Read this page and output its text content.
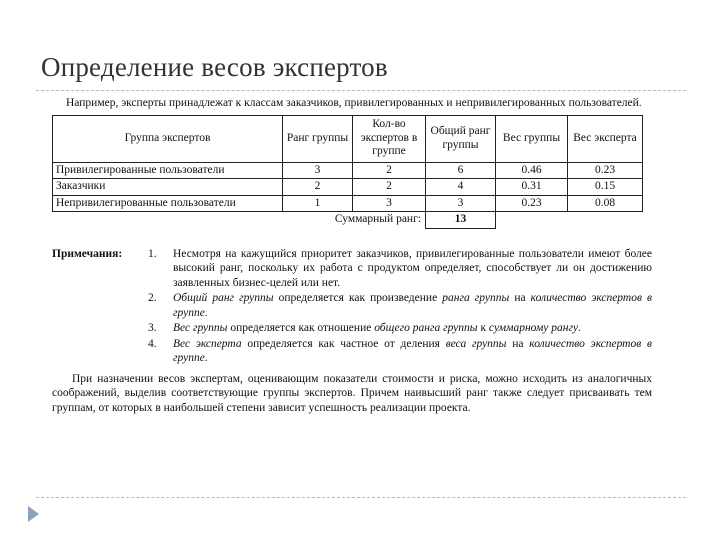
Определение весов экспертов

Например, эксперты принадлежат к классам заказчиков, привилегированных и непривилегированных пользователей.

Группа экспертов	Ранг группы	Кол-во экспертов в группе	Общий ранг группы	Вес группы	Вес эксперта
Привилегированные пользователи	3	2	6	0.46	0.23
Заказчики	2	2	4	0.31	0.15
Непривилегированные пользователи	1	3	3	0.23	0.08
Суммарный ранг:			13		
Примечания:	1.	Несмотря на кажущийся приоритет заказчиков, привилегированные пользователи имеют более высокий ранг, поскольку их работа с продуктом определяет, способствует ли он достижению заявленных бизнес-целей или нет.
2.	Общий ранг группы определяется как произведение ранга группы на количество экспертов в группе.
3.	Вес группы определяется как отношение общего ранга группы к суммарному рангу.
4.	Вес эксперта определяется как частное от деления веса группы на количество экспертов в группе.

При назначении весов экспертам, оценивающим показатели стоимости и риска, можно исходить из аналогичных соображений, выделив соответствующие группы экспертов. Причем наивысший ранг также следует присваивать тем группам, от которых в наибольшей степени зависит успешность реализации проекта.
